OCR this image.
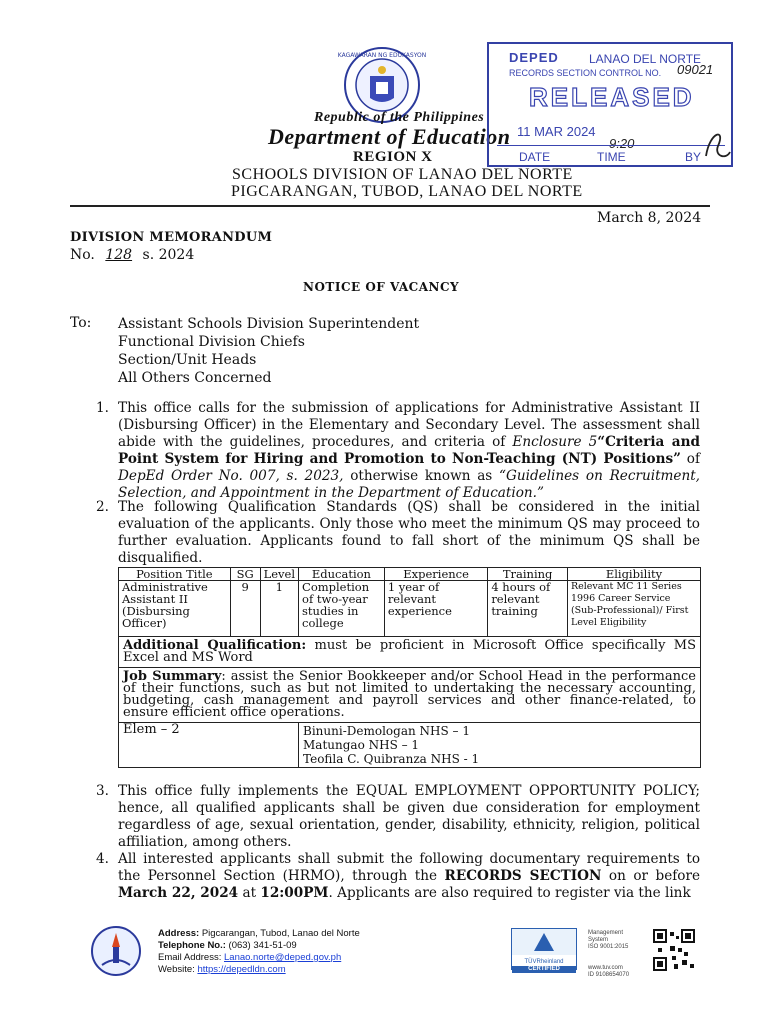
KAGAWARAN NG EDUKASYON
Republic of the Philippines
Department of Education
REGION X
SCHOOLS DIVISION OF LANAO DEL NORTE
PIGCARANGAN, TUBOD, LANAO DEL NORTE
DEPED	LANAO DEL NORTE
RECORDS SECTION CONTROL NO. 09021
RELEASED
11 MAR 2024
9:20
DATE	TIME	BY
March 8, 2024
DIVISION MEMORANDUM
No. 128 s. 2024
NOTICE OF VACANCY
To: Assistant Schools Division Superintendent
Functional Division Chiefs
Section/Unit Heads
All Others Concerned
1. This office calls for the submission of applications for Administrative Assistant II (Disbursing Officer) in the Elementary and Secondary Level. The assessment shall abide with the guidelines, procedures, and criteria of Enclosure 5“Criteria and Point System for Hiring and Promotion to Non-Teaching (NT) Positions” of DepEd Order No. 007, s. 2023, otherwise known as “Guidelines on Recruitment, Selection, and Appointment in the Department of Education.”
2. The following Qualification Standards (QS) shall be considered in the initial evaluation of the applicants. Only those who meet the minimum QS may proceed to further evaluation. Applicants found to fall short of the minimum QS shall be disqualified.
Position Title	SG	Level	Education	Experience	Training	Eligibility
Administrative Assistant II (Disbursing Officer)	9	1	Completion of two-year studies in college	1 year of relevant experience	4 hours of relevant training	Relevant MC 11 Series 1996 Career Service (Sub-Professional)/ First Level Eligibility
Additional Qualification: must be proficient in Microsoft Office specifically MS Excel and MS Word						
Job Summary: assist the Senior Bookkeeper and/or School Head in the performance of their functions, such as but not limited to undertaking the necessary accounting, budgeting, cash management and payroll services and other finance-related, to ensure efficient office operations.						
Elem – 2			Binuni-Demologan NHS – 1
Matungao NHS – 1
Teofila C. Quibranza NHS - 1			
3. This office fully implements the EQUAL EMPLOYMENT OPPORTUNITY POLICY; hence, all qualified applicants shall be given due consideration for employment regardless of age, sexual orientation, gender, disability, ethnicity, religion, political affiliation, among others.
4. All interested applicants shall submit the following documentary requirements to the Personnel Section (HRMO), through the RECORDS SECTION on or before March 22, 2024 at 12:00PM. Applicants are also required to register via the link
Address: Pigcarangan, Tubod, Lanao del Norte
Telephone No.: (063) 341-51-09
Email Address: Lanao.norte@deped.gov.ph
Website: https://depedldn.com
TÜVRheinland
CERTIFIED
Management System
ISO 9001:2015
www.tuv.com
ID 9108654070
